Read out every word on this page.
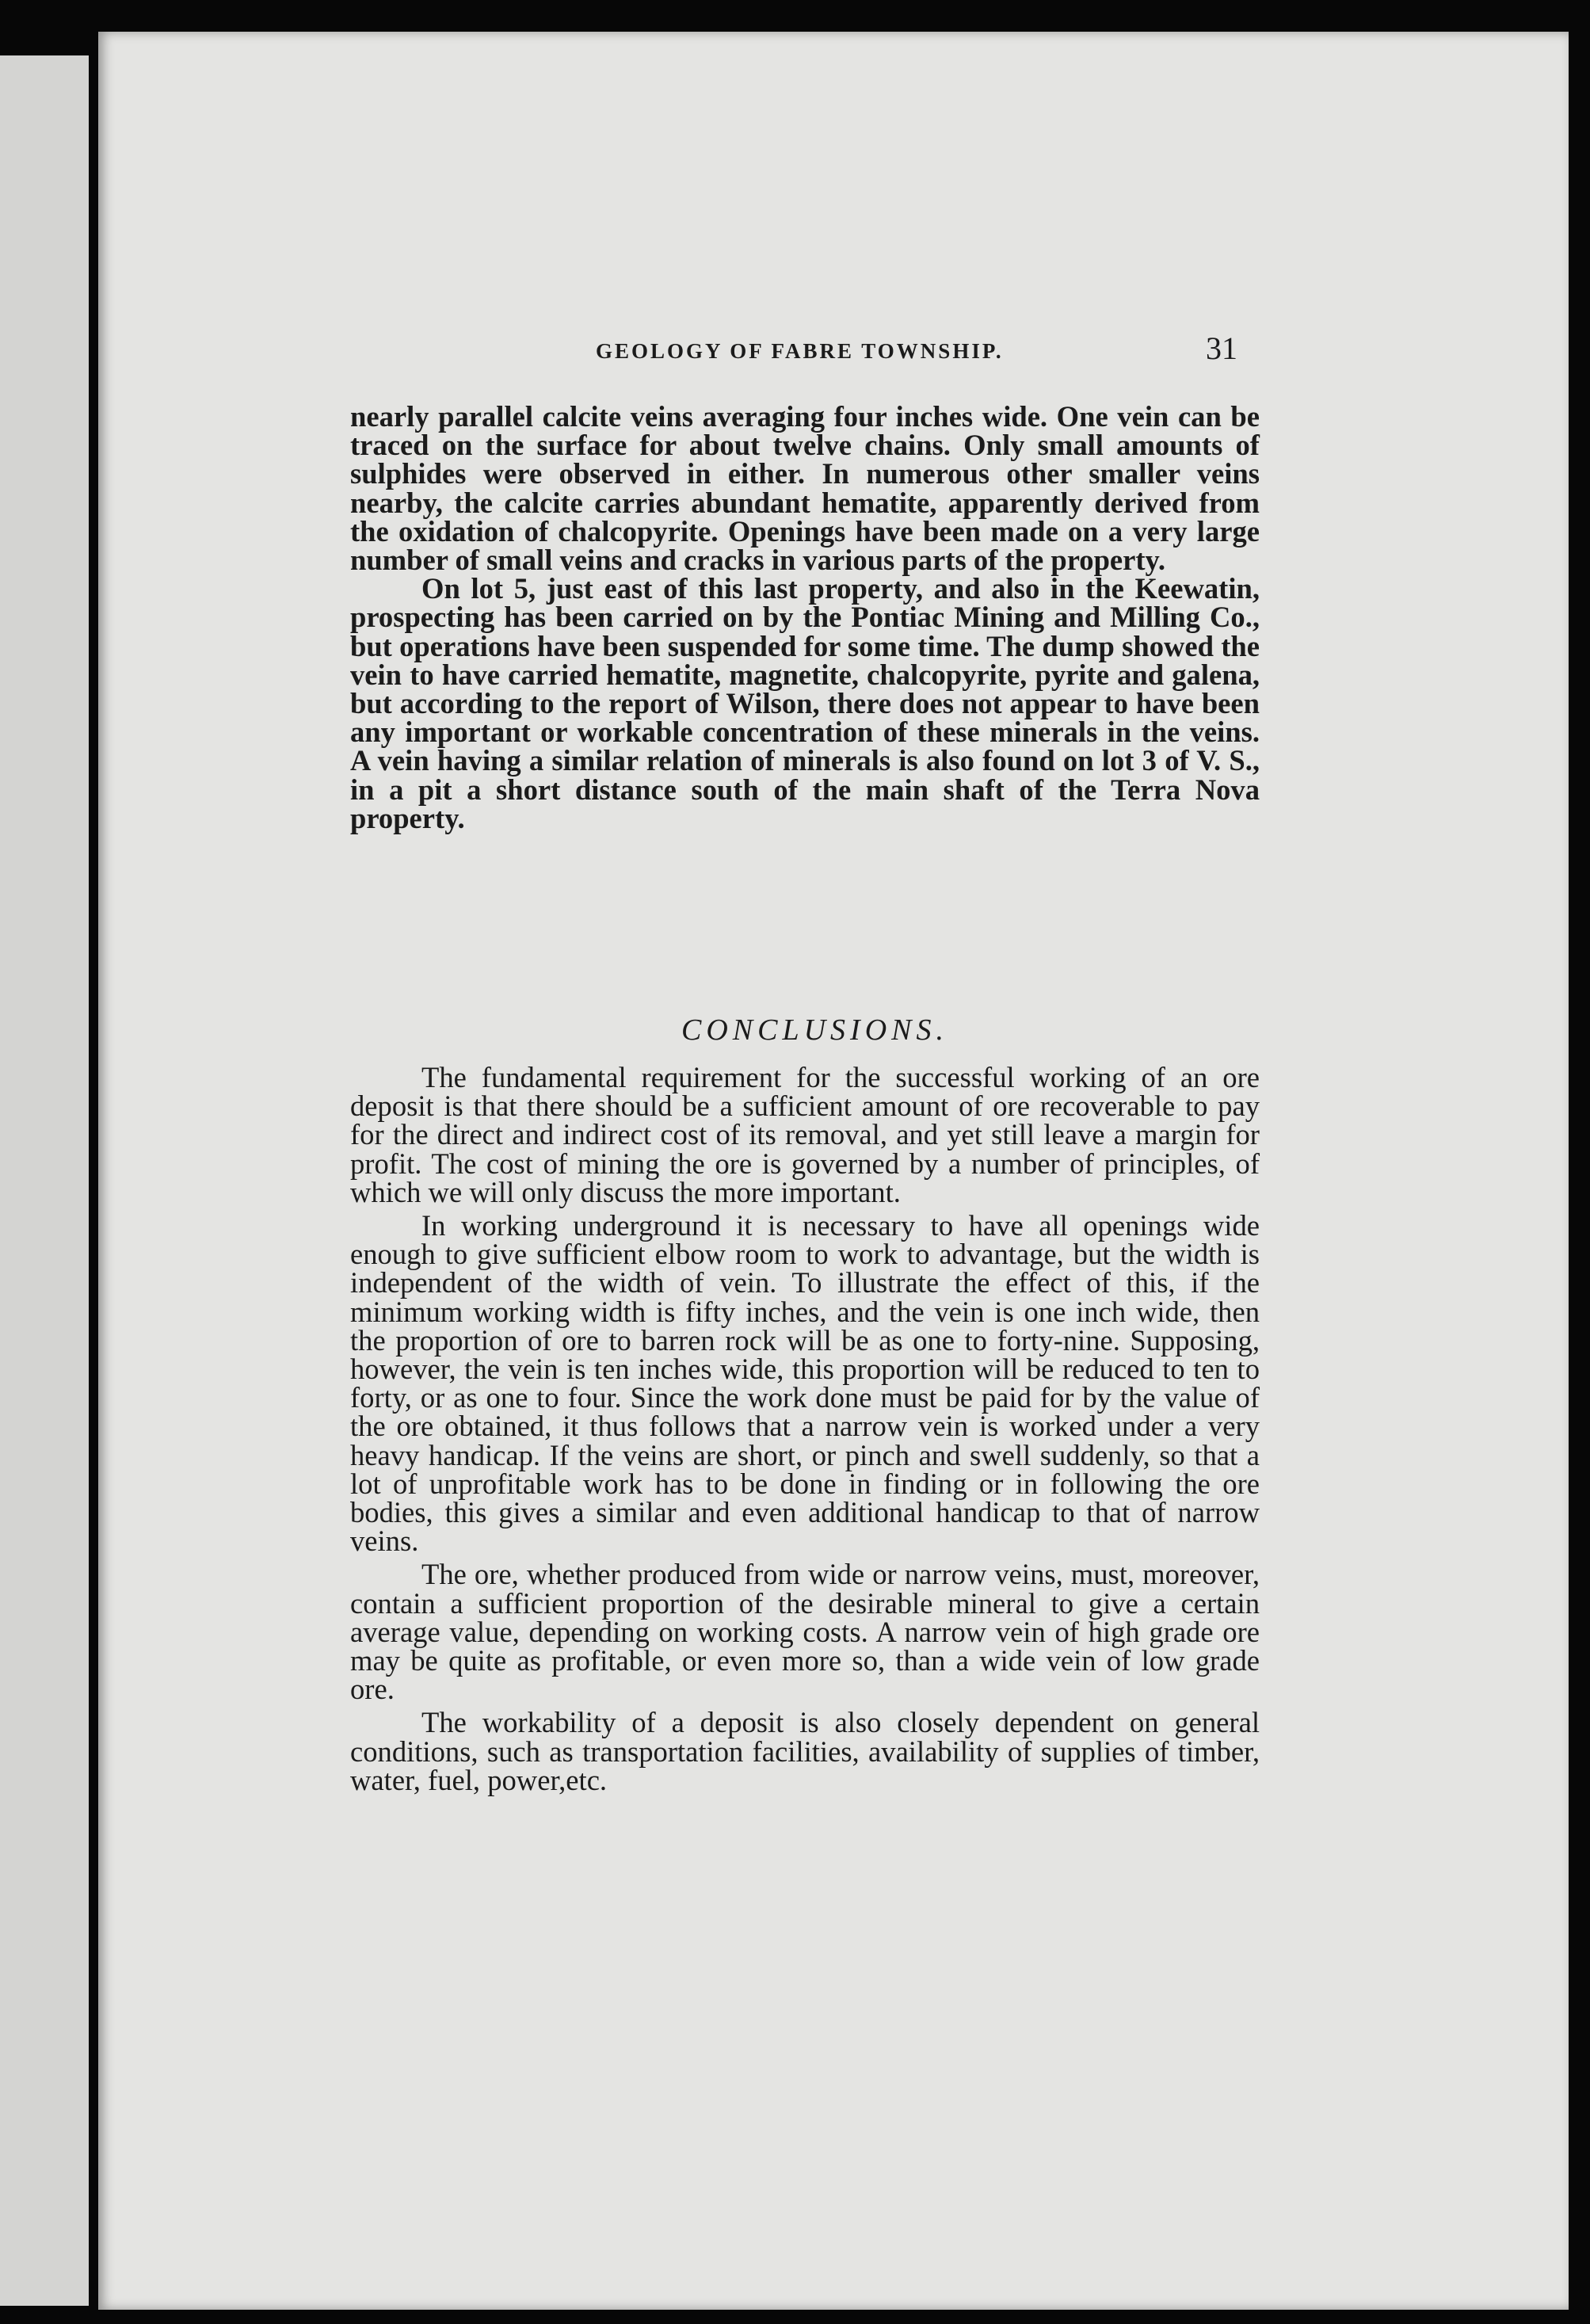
GEOLOGY OF FABRE TOWNSHIP.	31

nearly parallel calcite veins averaging four inches wide. One vein can be traced on the surface for about twelve chains. Only small amounts of sulphides were observed in either. In numerous other smaller veins nearby, the calcite carries abundant hematite, apparently derived from the oxidation of chalcopyrite. Openings have been made on a very large number of small veins and cracks in various parts of the property.

On lot 5, just east of this last property, and also in the Keewatin, prospecting has been carried on by the Pontiac Mining and Milling Co., but operations have been suspended for some time. The dump showed the vein to have carried hematite, magnetite, chalcopyrite, pyrite and galena, but according to the report of Wilson, there does not appear to have been any important or workable concentration of these minerals in the veins. A vein having a similar relation of minerals is also found on lot 3 of V. S., in a pit a short distance south of the main shaft of the Terra Nova property.

CONCLUSIONS.

The fundamental requirement for the successful working of an ore deposit is that there should be a sufficient amount of ore recoverable to pay for the direct and indirect cost of its removal, and yet still leave a margin for profit. The cost of mining the ore is governed by a number of principles, of which we will only discuss the more important.

In working underground it is necessary to have all openings wide enough to give sufficient elbow room to work to advantage, but the width is independent of the width of vein. To illustrate the effect of this, if the minimum working width is fifty inches, and the vein is one inch wide, then the proportion of ore to barren rock will be as one to forty-nine. Supposing, however, the vein is ten inches wide, this proportion will be reduced to ten to forty, or as one to four. Since the work done must be paid for by the value of the ore obtained, it thus follows that a narrow vein is worked under a very heavy handicap. If the veins are short, or pinch and swell suddenly, so that a lot of unprofitable work has to be done in finding or in following the ore bodies, this gives a similar and even additional handicap to that of narrow veins.

The ore, whether produced from wide or narrow veins, must, moreover, contain a sufficient proportion of the desirable mineral to give a certain average value, depending on working costs. A narrow vein of high grade ore may be quite as profitable, or even more so, than a wide vein of low grade ore.

The workability of a deposit is also closely dependent on general conditions, such as transportation facilities, availability of supplies of timber, water, fuel, power,etc.
